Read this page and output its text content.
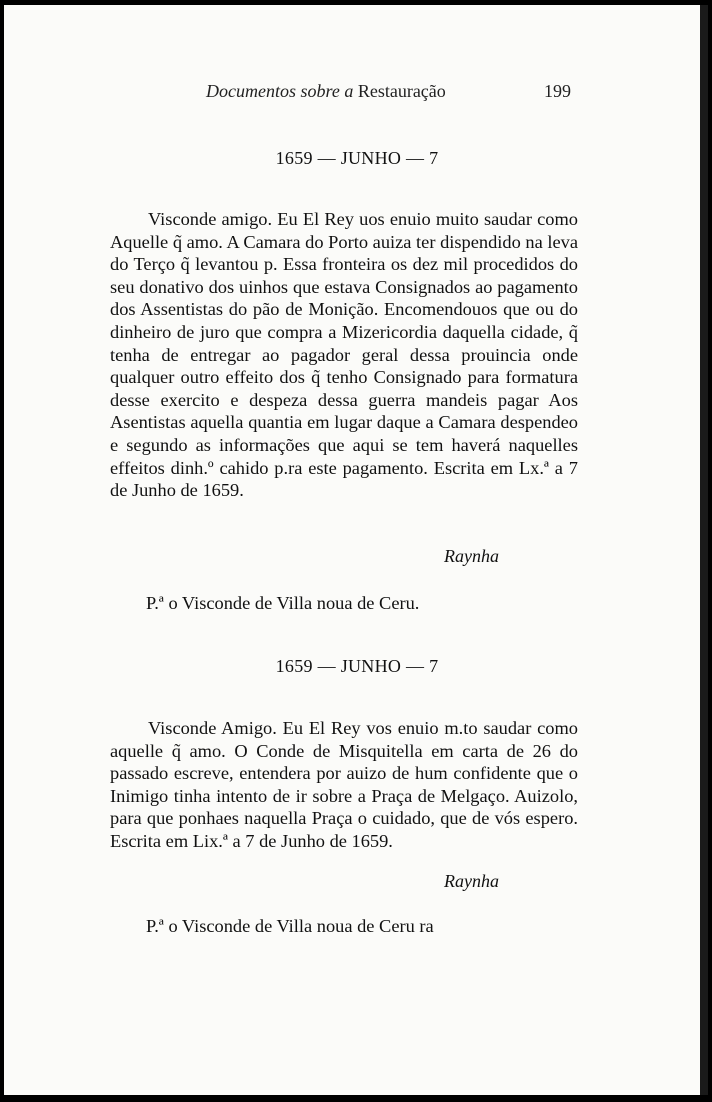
Documentos sobre a Restauração	199
1659 — JUNHO — 7

Visconde amigo. Eu El Rey uos enuio muito saudar como Aquelle q̃ amo. A Camara do Porto auiza ter dispendido na leva do Terço q̃ levantou p. Essa fronteira os dez mil procedidos do seu donativo dos uinhos que estava Consignados ao pagamento dos Assentistas do pão de Monição. Encomendouos que ou do dinheiro de juro que compra a Mizericordia daquella cidade, q̃ tenha de entregar ao pagador geral dessa prouincia onde qualquer outro effeito dos q̃ tenho Consignado para formatura desse exercito e despeza dessa guerra mandeis pagar Aos Asentistas aquella quantia em lugar daque a Camara despendeo e segundo as informações que aqui se tem haverá naquelles effeitos dinh.º cahido p.ra este pagamento. Escrita em Lx.ª a 7 de Junho de 1659.

Raynha
P.ª o Visconde de Villa noua de Ceru.
1659 — JUNHO — 7

Visconde Amigo. Eu El Rey vos enuio m.to saudar como aquelle q̃ amo. O Conde de Misquitella em carta de 26 do passado escreve, entendera por auizo de hum confidente que o Inimigo tinha intento de ir sobre a Praça de Melgaço. Auizolo, para que ponhaes naquella Praça o cuidado, que de vós espero. Escrita em Lix.ª a 7 de Junho de 1659.

Raynha
P.ª o Visconde de Villa noua de Ceru ra
